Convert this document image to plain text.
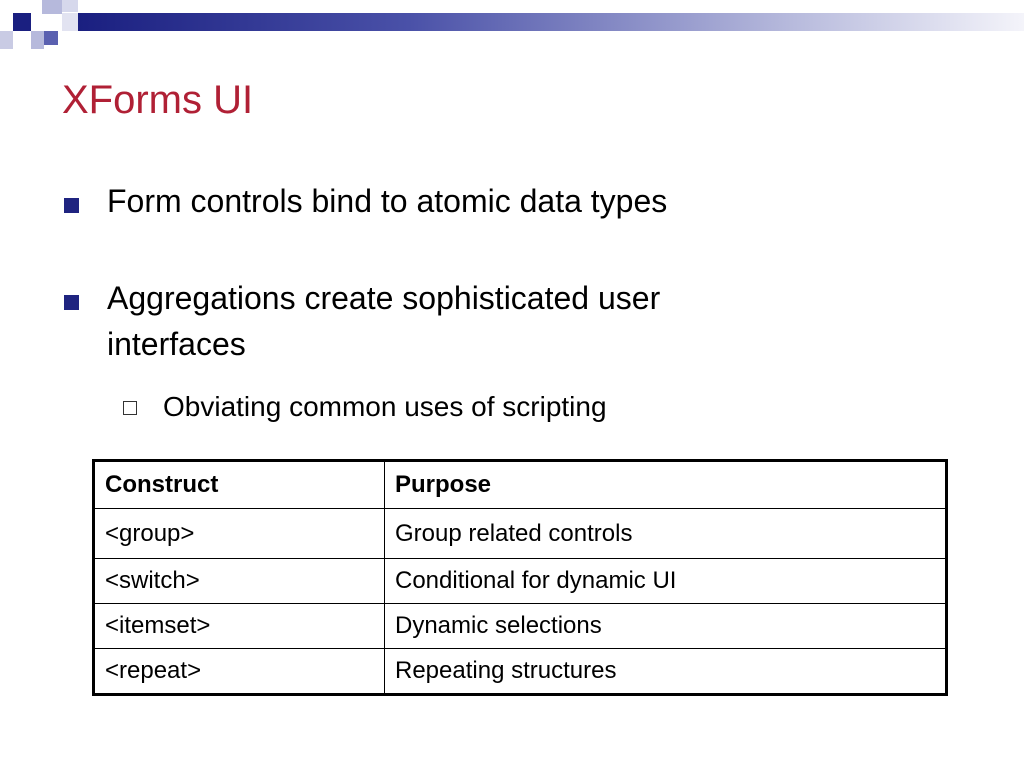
XForms UI
Form controls bind to atomic data types
Aggregations create sophisticated user
interfaces
Obviating common uses of scripting
Construct	Purpose
<group>	Group related controls
<switch>	Conditional for dynamic UI
<itemset>	Dynamic selections
<repeat>	Repeating structures
